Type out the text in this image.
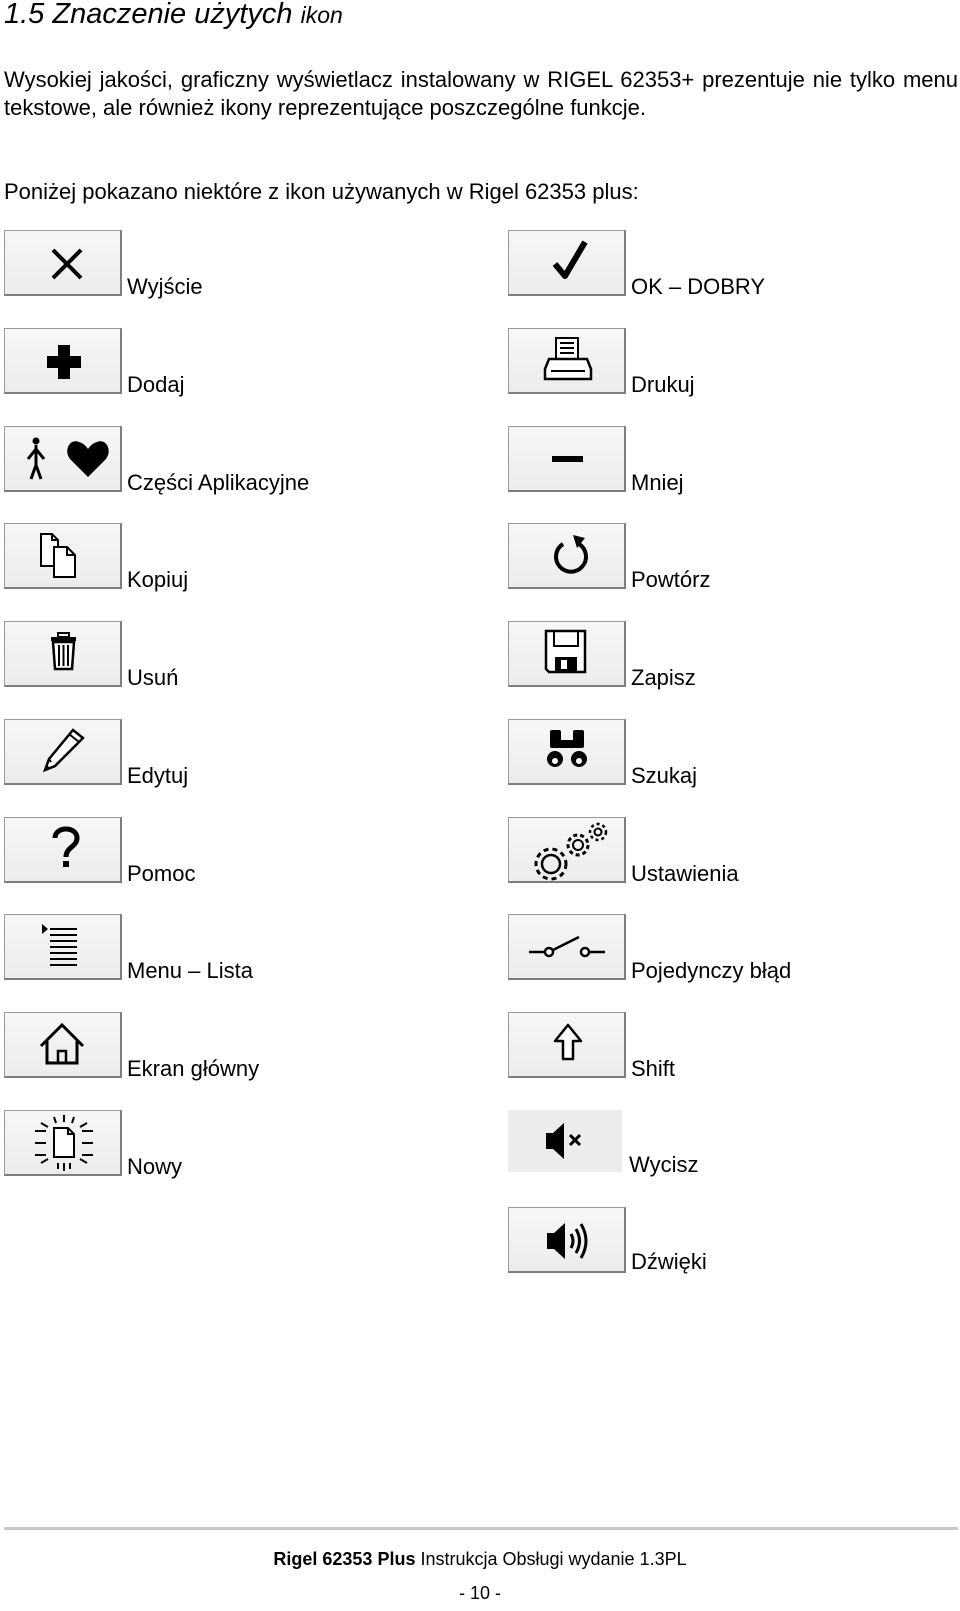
1.5 Znaczenie użytych ikon

Wysokiej jakości, graficzny wyświetlacz instalowany w RIGEL 62353+ prezentuje nie tylko menu tekstowe, ale również ikony reprezentujące poszczególne funkcje.

Poniżej pokazano niektóre z ikon używanych w Rigel 62353 plus:

Wyjście
Dodaj
Części Aplikacyjne
Kopiuj
Usuń
Edytuj
Pomoc
Menu – Lista
Ekran główny
Nowy
OK – DOBRY
Drukuj
Mniej
Powtórz
Zapisz
Szukaj
Ustawienia
Pojedynczy błąd
Shift
Wycisz
Dźwięki
Rigel 62353 Plus Instrukcja Obsługi wydanie 1.3PL
- 10 -
